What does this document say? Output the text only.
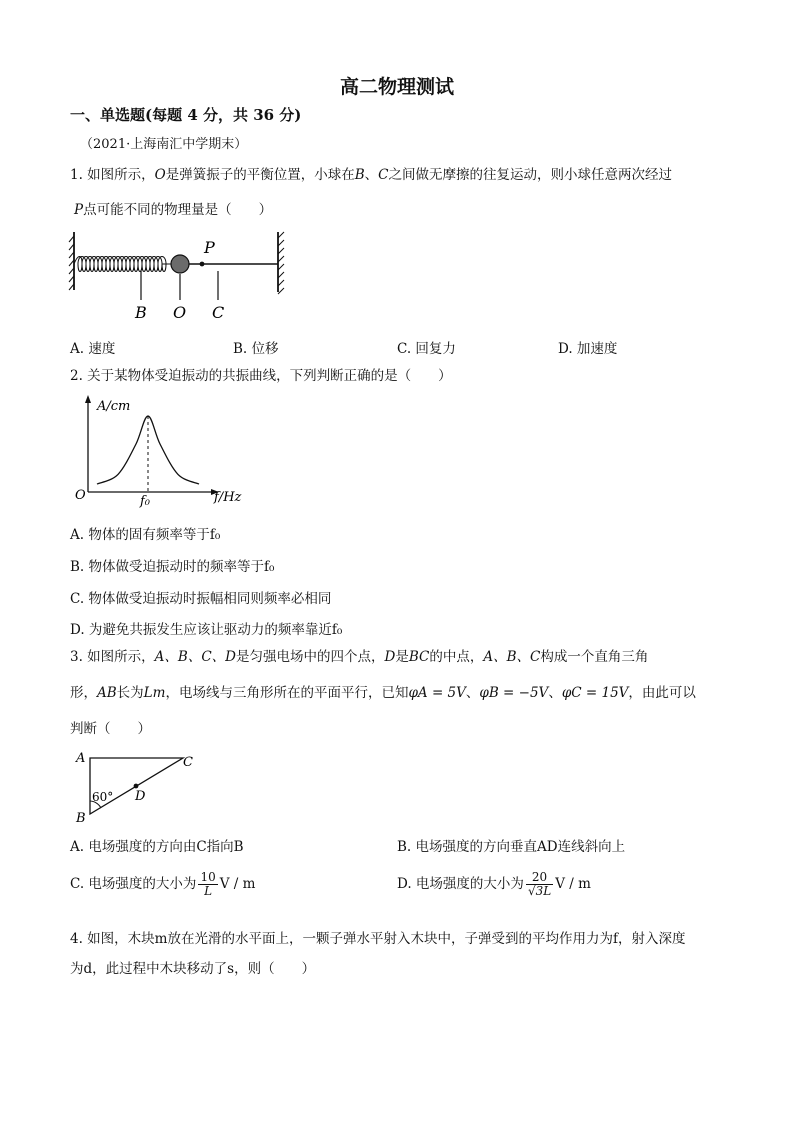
高二物理测试
一、单选题(每题 4 分，共 36 分)
（2021·上海南汇中学期末）
1. 如图所示，O是弹簧振子的平衡位置，小球在B、C之间做无摩擦的往复运动，则小球任意两次经过
P点可能不同的物理量是（　　）
P
B O C
A. 速度	B. 位移	C. 回复力	D. 加速度
2. 关于某物体受迫振动的共振曲线，下列判断正确的是（　　）
A/cm
O	f₀	f/Hz
A. 物体的固有频率等于f₀
B. 物体做受迫振动时的频率等于f₀
C. 物体做受迫振动时振幅相同则频率必相同
D. 为避免共振发生应该让驱动力的频率靠近f₀
3. 如图所示，A、B、C、D是匀强电场中的四个点，D是BC的中点，A、B、C构成一个直角三角
形，AB长为Lm，电场线与三角形所在的平面平行，已知φA = 5V、φB = −5V、φC = 15V，由此可以
判断（　　）
A
B
C
D
60°
A. 电场强度的方向由C指向B	B. 电场强度的方向垂直AD连线斜向上
C. 电场强度的大小为 $\frac{10}{L}$ V / m	D. 电场强度的大小为 $\frac{20}{√3L}$ V / m
4. 如图，木块m放在光滑的水平面上，一颗子弹水平射入木块中，子弹受到的平均作用力为f，射入深度
为d，此过程中木块移动了s，则（　　）
